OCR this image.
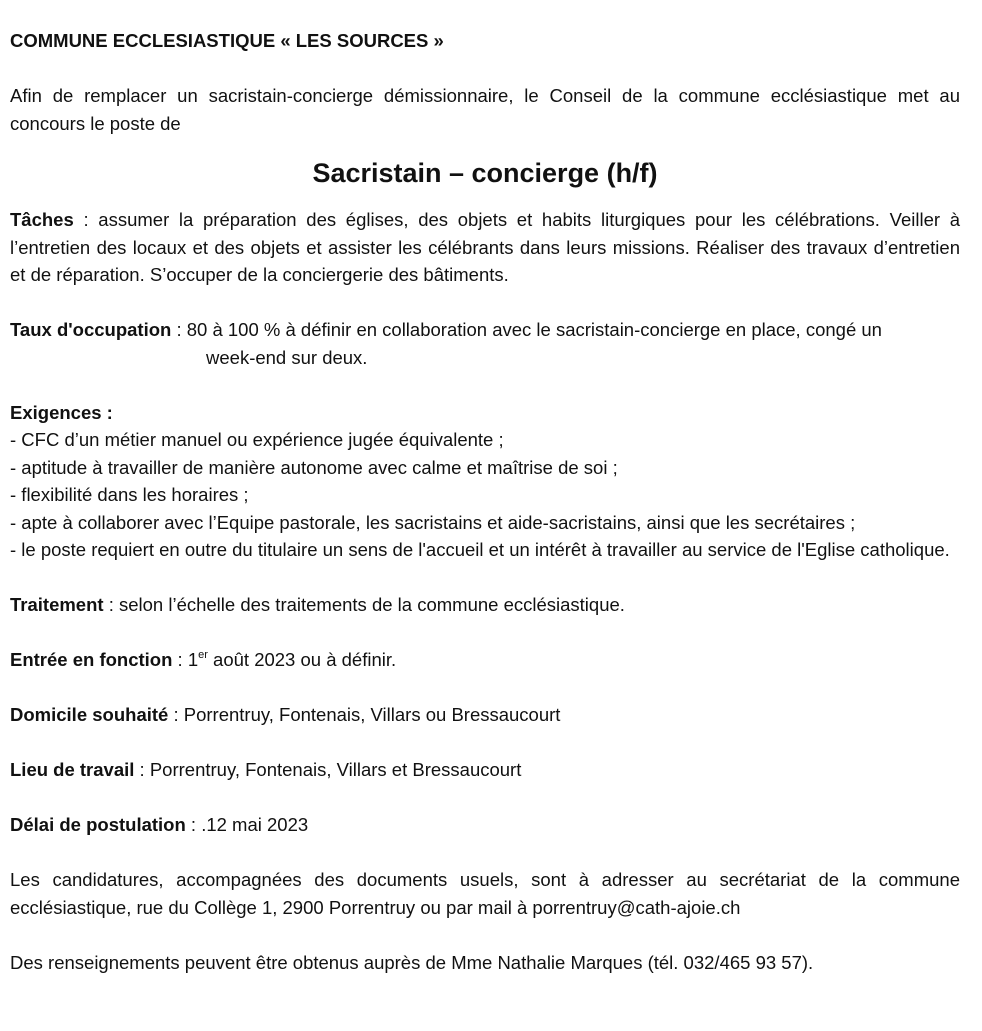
COMMUNE ECCLESIASTIQUE « LES SOURCES »
Afin de remplacer un sacristain-concierge démissionnaire, le Conseil de la commune ecclésiastique met au concours le poste de
Sacristain – concierge (h/f)
Tâches : assumer la préparation des églises, des objets et habits liturgiques pour les célébrations. Veiller à l’entretien des locaux et des objets et assister les célébrants dans leurs missions. Réaliser des travaux d’entretien et de réparation. S’occuper de la conciergerie des bâtiments.
Taux d'occupation : 80 à 100 % à définir en collaboration avec le sacristain-concierge en place, congé un
week-end sur deux.
Exigences :
- CFC d’un métier manuel ou expérience jugée équivalente ;
- aptitude à travailler de manière autonome avec calme et maîtrise de soi ;
- flexibilité dans les horaires ;
- apte à collaborer avec l’Equipe pastorale, les sacristains et aide-sacristains, ainsi que les secrétaires ;
- le poste requiert en outre du titulaire un sens de l'accueil et un intérêt à travailler au service de l'Eglise catholique.
Traitement : selon l’échelle des traitements de la commune ecclésiastique.
Entrée en fonction : 1er août 2023 ou à définir.
Domicile souhaité : Porrentruy, Fontenais, Villars ou Bressaucourt
Lieu de travail : Porrentruy, Fontenais, Villars et Bressaucourt
Délai de postulation : .12 mai 2023
Les candidatures, accompagnées des documents usuels, sont à adresser au secrétariat de la commune ecclésiastique, rue du Collège 1, 2900 Porrentruy ou par mail à porrentruy@cath-ajoie.ch
Des renseignements peuvent être obtenus auprès de Mme Nathalie Marques (tél. 032/465 93 57).
